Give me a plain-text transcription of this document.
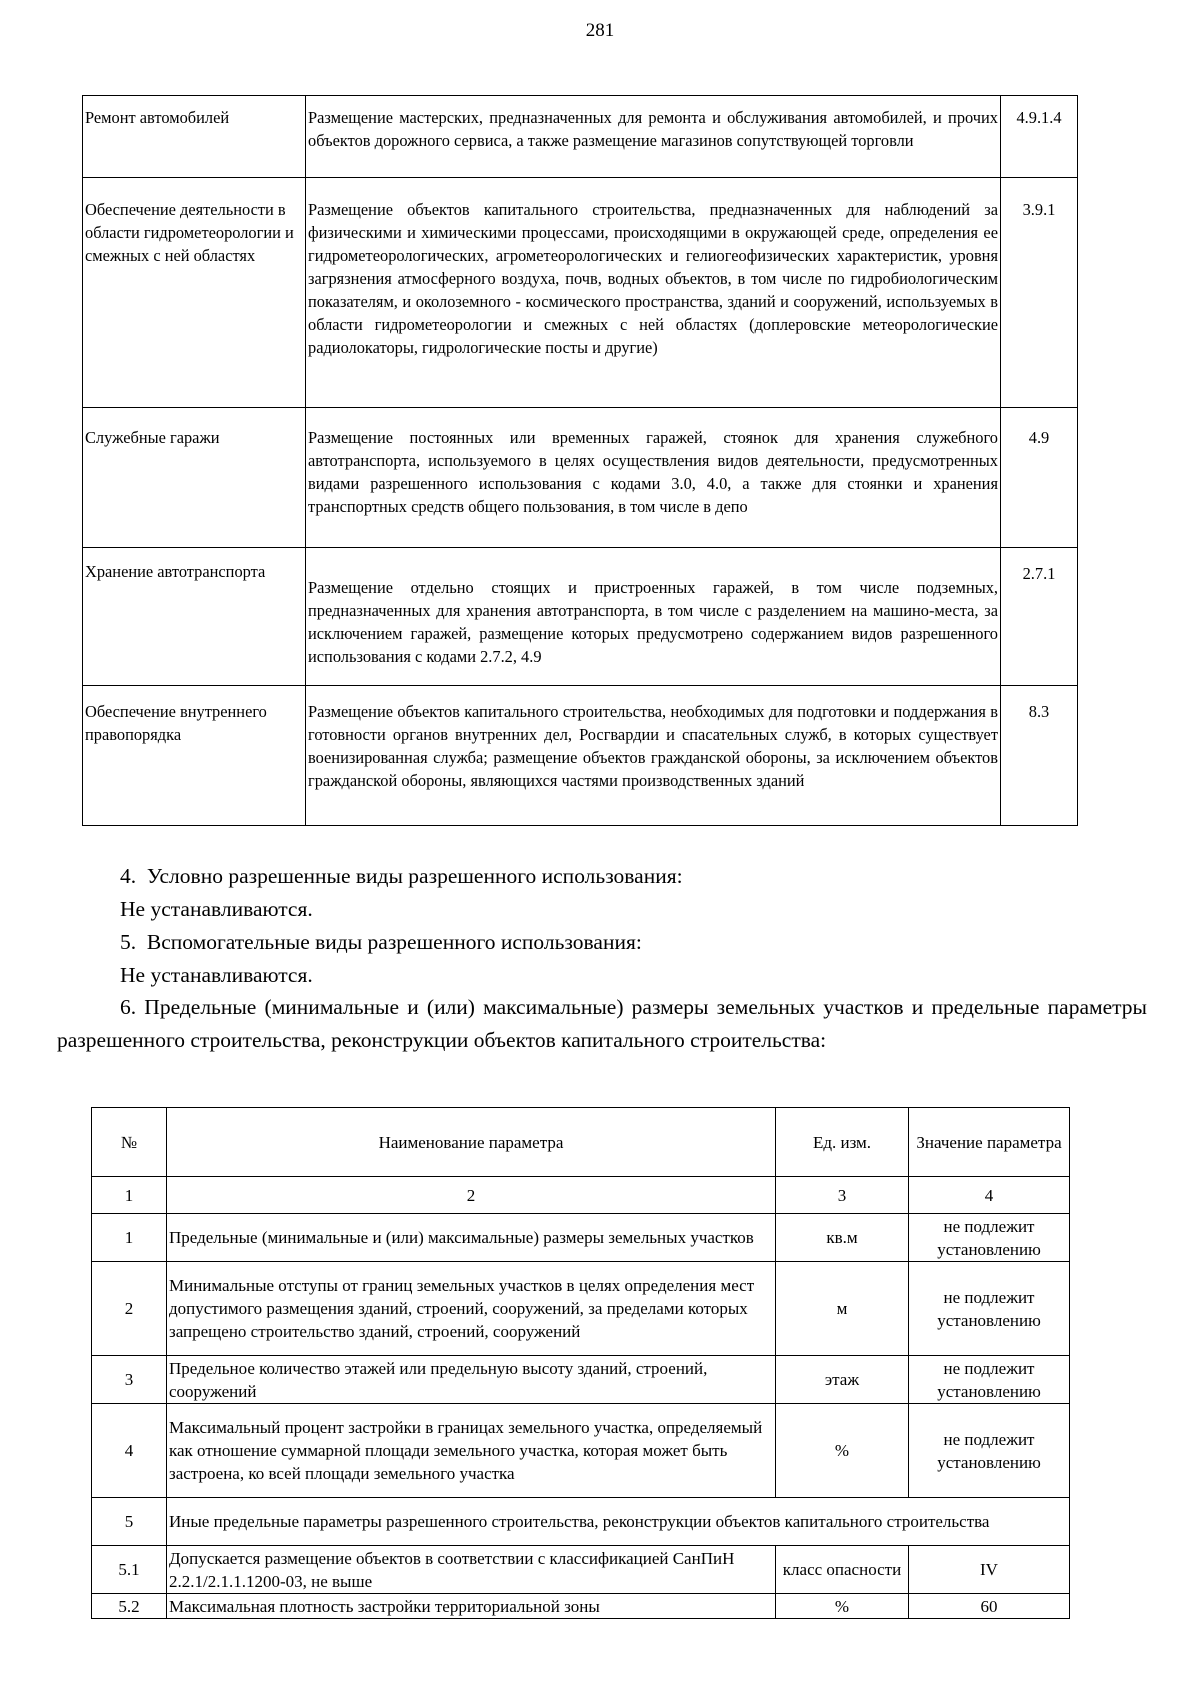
281
Ремонт автомобилей	Размещение мастерских, предназначенных для ремонта и обслуживания автомобилей, и прочих объектов дорожного сервиса, а также размещение магазинов сопутствующей торговли	4.9.1.4
Обеспечение деятельности в области гидрометеорологии и смежных с ней областях	Размещение объектов капитального строительства, предназначенных для наблюдений за физическими и химическими процессами, происходящими в окружающей среде, определения ее гидрометеорологических, агрометеорологических и гелиогеофизических характеристик, уровня загрязнения атмосферного воздуха, почв, водных объектов, в том числе по гидробиологическим показателям, и околоземного - космического пространства, зданий и сооружений, используемых в области гидрометеорологии и смежных с ней областях (доплеровские метеорологические радиолокаторы, гидрологические посты и другие)	3.9.1
Служебные гаражи	Размещение постоянных или временных гаражей, стоянок для хранения служебного автотранспорта, используемого в целях осуществления видов деятельности, предусмотренных видами разрешенного использования с кодами 3.0, 4.0, а также для стоянки и хранения транспортных средств общего пользования, в том числе в депо	4.9
Хранение автотранспорта	Размещение отдельно стоящих и пристроенных гаражей, в том числе подземных, предназначенных для хранения автотранспорта, в том числе с разделением на машино-места, за исключением гаражей, размещение которых предусмотрено содержанием видов разрешенного использования с кодами 2.7.2, 4.9	2.7.1
Обеспечение внутреннего правопорядка	Размещение объектов капитального строительства, необходимых для подготовки и поддержания в готовности органов внутренних дел, Росгвардии и спасательных служб, в которых существует военизированная служба; размещение объектов гражданской обороны, за исключением объектов гражданской обороны, являющихся частями производственных зданий	8.3

4.  Условно разрешенные виды разрешенного использования:

Не устанавливаются.

5.  Вспомогательные виды разрешенного использования:

Не устанавливаются.

6. Предельные (минимальные и (или) максимальные) размеры земельных участков и предельные параметры разрешенного строительства, реконструкции объектов капитального строительства:

№	Наименование параметра	Ед. изм.	Значение параметра
1	2	3	4
1	Предельные (минимальные и (или) максимальные) размеры земельных участков	кв.м	не подлежит установлению
2	Минимальные отступы от границ земельных участков в целях определения мест допустимого размещения зданий, строений, сооружений, за пределами которых запрещено строительство зданий, строений, сооружений	м	не подлежит установлению
3	Предельное количество этажей или предельную высоту зданий, строений, сооружений	этаж	не подлежит установлению
4	Максимальный процент застройки в границах земельного участка, определяемый как отношение суммарной площади земельного участка, которая может быть застроена, ко всей площади земельного участка	%	не подлежит установлению
5	Иные предельные параметры разрешенного строительства, реконструкции объектов капитального строительства		
5.1	Допускается размещение объектов в соответствии с классификацией СанПиН 2.2.1/2.1.1.1200-03, не выше	класс опасности	IV
5.2	Максимальная плотность застройки территориальной зоны	%	60
